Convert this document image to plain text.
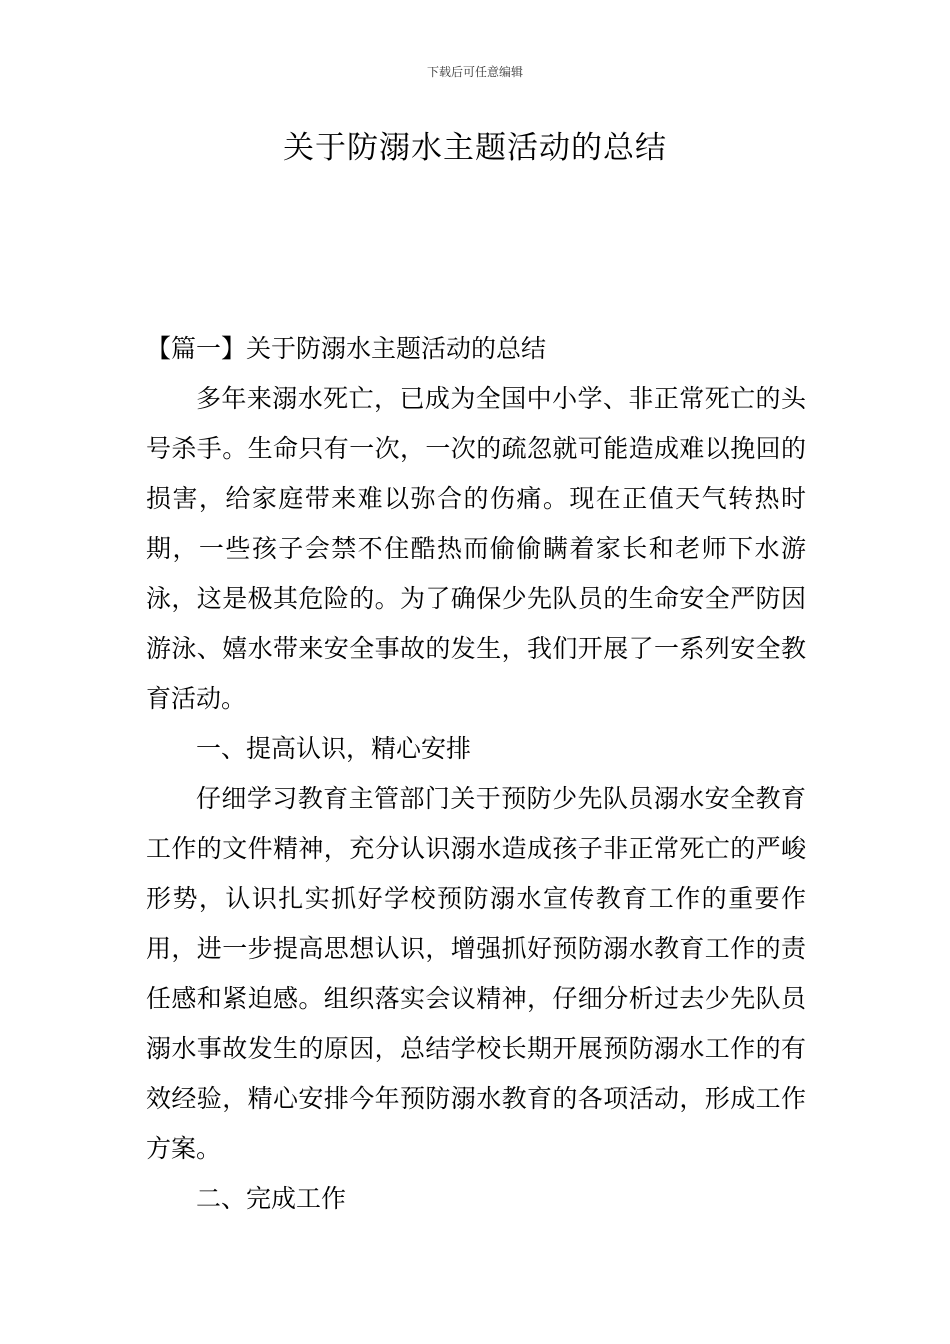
下载后可任意编辑
关于防溺水主题活动的总结

【篇一】关于防溺水主题活动的总结

多年来溺水死亡，已成为全国中小学、非正常死亡的头号杀手。生命只有一次，一次的疏忽就可能造成难以挽回的损害，给家庭带来难以弥合的伤痛。现在正值天气转热时期，一些孩子会禁不住酷热而偷偷瞒着家长和老师下水游泳，这是极其危险的。为了确保少先队员的生命安全严防因游泳、嬉水带来安全事故的发生，我们开展了一系列安全教育活动。

一、提高认识，精心安排

仔细学习教育主管部门关于预防少先队员溺水安全教育工作的文件精神，充分认识溺水造成孩子非正常死亡的严峻形势，认识扎实抓好学校预防溺水宣传教育工作的重要作用，进一步提高思想认识，增强抓好预防溺水教育工作的责任感和紧迫感。组织落实会议精神，仔细分析过去少先队员溺水事故发生的原因，总结学校长期开展预防溺水工作的有效经验，精心安排今年预防溺水教育的各项活动，形成工作方案。

二、完成工作
